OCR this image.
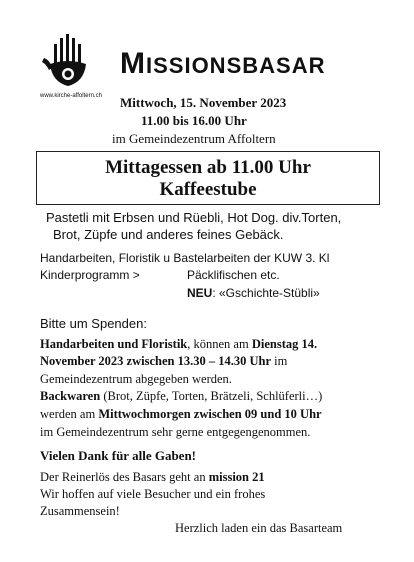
www.kirche-affoltern.ch
MISSIONSBASAR
Mittwoch, 15. November 2023
11.00 bis 16.00 Uhr
im Gemeindezentrum Affoltern
Mittagessen ab 11.00 Uhr
Kaffeestube
Pastetli mit Erbsen und Rüebli, Hot Dog. div.Torten,
Brot, Züpfe und anderes feines Gebäck.
Handarbeiten, Floristik u Bastelarbeiten der KUW 3. Kl
Kinderprogramm >	Päcklifischen etc.
NEU: «Gschichte-Stübli»
Bitte um Spenden:
Handarbeiten und Floristik, können am Dienstag 14.
November 2023 zwischen 13.30 – 14.30 Uhr im
Gemeindezentrum abgegeben werden.
Backwaren (Brot, Züpfe, Torten, Brätzeli, Schlüferli…)
werden am Mittwochmorgen zwischen 09 und 10 Uhr
im Gemeindezentrum sehr gerne entgegengenommen.
Vielen Dank für alle Gaben!
Der Reinerlös des Basars geht an mission 21
Wir hoffen auf viele Besucher und ein frohes
Zusammensein!
Herzlich laden ein das Basarteam
